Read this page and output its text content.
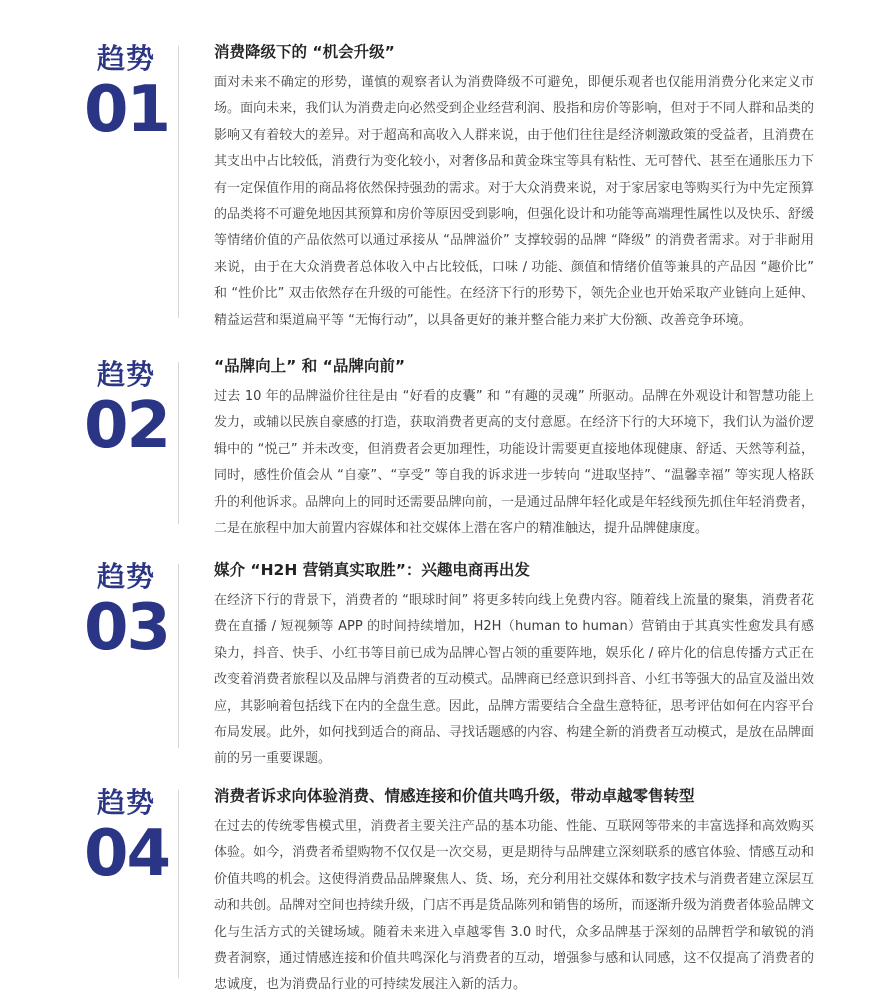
趋势
01
消费降级下的 “机会升级”

面对未来不确定的形势，谨慎的观察者认为消费降级不可避免，即便乐观者也仅能用消费分化来定义市场。面向未来，我们认为消费走向必然受到企业经营利润、股指和房价等影响，但对于不同人群和品类的影响又有着较大的差异。对于超高和高收入人群来说，由于他们往往是经济刺激政策的受益者，且消费在其支出中占比较低，消费行为变化较小，对奢侈品和黄金珠宝等具有粘性、无可替代、甚至在通胀压力下有一定保值作用的商品将依然保持强劲的需求。对于大众消费来说，对于家居家电等购买行为中先定预算的品类将不可避免地因其预算和房价等原因受到影响，但强化设计和功能等高端理性属性以及快乐、舒缓等情绪价值的产品依然可以通过承接从 “品牌溢价” 支撑较弱的品牌 “降级” 的消费者需求。对于非耐用来说，由于在大众消费者总体收入中占比较低，口味 / 功能、颜值和情绪价值等兼具的产品因 “趣价比” 和 “性价比” 双击依然存在升级的可能性。在经济下行的形势下，领先企业也开始采取产业链向上延伸、精益运营和渠道扁平等 “无悔行动”，以具备更好的兼并整合能力来扩大份额、改善竞争环境。

趋势
02
“品牌向上” 和 “品牌向前”

过去 10 年的品牌溢价往往是由 “好看的皮囊” 和 “有趣的灵魂” 所驱动。品牌在外观设计和智慧功能上发力，或辅以民族自豪感的打造，获取消费者更高的支付意愿。在经济下行的大环境下，我们认为溢价逻辑中的 “悦己” 并未改变，但消费者会更加理性，功能设计需要更直接地体现健康、舒适、天然等利益，同时，感性价值会从 “自豪”、“享受” 等自我的诉求进一步转向 “进取坚持”、“温馨幸福” 等实现人格跃升的利他诉求。品牌向上的同时还需要品牌向前，一是通过品牌年轻化或是年轻线预先抓住年轻消费者，二是在旅程中加大前置内容媒体和社交媒体上潜在客户的精准触达，提升品牌健康度。

趋势
03
媒介 “H2H 营销真实取胜”：兴趣电商再出发

在经济下行的背景下，消费者的 “眼球时间” 将更多转向线上免费内容。随着线上流量的聚集，消费者花费在直播 / 短视频等 APP 的时间持续增加，H2H（human to human）营销由于其真实性愈发具有感染力，抖音、快手、小红书等目前已成为品牌心智占领的重要阵地，娱乐化 / 碎片化的信息传播方式正在改变着消费者旅程以及品牌与消费者的互动模式。品牌商已经意识到抖音、小红书等强大的品宣及溢出效应，其影响着包括线下在内的全盘生意。因此，品牌方需要结合全盘生意特征，思考评估如何在内容平台布局发展。此外，如何找到适合的商品、寻找话题感的内容、构建全新的消费者互动模式，是放在品牌面前的另一重要课题。

趋势
04
消费者诉求向体验消费、情感连接和价值共鸣升级，带动卓越零售转型

在过去的传统零售模式里，消费者主要关注产品的基本功能、性能、互联网等带来的丰富选择和高效购买体验。如今，消费者希望购物不仅仅是一次交易，更是期待与品牌建立深刻联系的感官体验、情感互动和价值共鸣的机会。这使得消费品品牌聚焦人、货、场，充分利用社交媒体和数字技术与消费者建立深层互动和共创。品牌对空间也持续升级，门店不再是货品陈列和销售的场所，而逐渐升级为消费者体验品牌文化与生活方式的关键场域。随着未来进入卓越零售 3.0 时代，众多品牌基于深刻的品牌哲学和敏锐的消费者洞察，通过情感连接和价值共鸣深化与消费者的互动，增强参与感和认同感，这不仅提高了消费者的忠诚度，也为消费品行业的可持续发展注入新的活力。
